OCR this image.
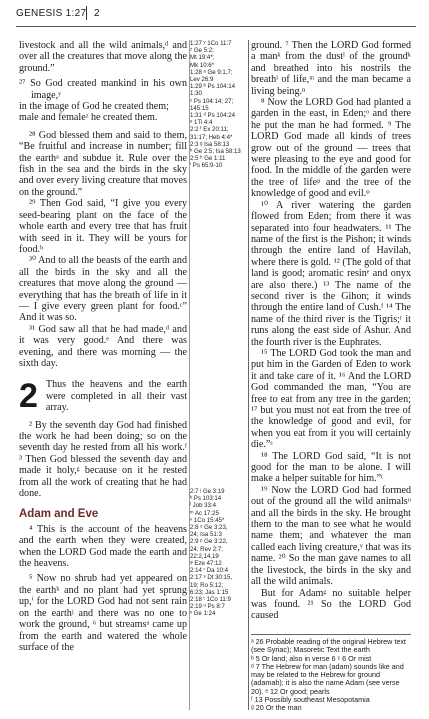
GENESIS 1:27 2

livestock and all the wild animals,ᵈ and over all the creatures that move along the ground.”

²⁷ So God created mankind in his own image,ʸ

in the image of God he created them;

male and femaleᶻ he created them.

²⁸ God blessed them and said to them, “Be fruitful and increase in number; fill the earthᵃ and subdue it. Rule over the fish in the sea and the birds in the sky and over every living creature that moves on the ground.”

²⁹ Then God said, “I give you every seed-bearing plant on the face of the whole earth and every tree that has fruit with seed in it. They will be yours for food.ᵇ

³⁰ And to all the beasts of the earth and all the birds in the sky and all the creatures that move along the ground — everything that has the breath of life in it — I give every green plant for food.ᶜ” And it was so.

³¹ God saw all that he had made,ᵈ and it was very good.ᵉ And there was evening, and there was morning — the sixth day.

2 Thus the heavens and the earth were completed in all their vast array.

² By the seventh day God had finished the work he had been doing; so on the seventh day he rested from all his work.ᶠ ³ Then God blessed the seventh day and made it holy,ᵍ because on it he rested from all the work of creating that he had done.

Adam and Eve

⁴ This is the account of the heavens and the earth when they were created, when the LORD God made the earth and the heavens.

⁵ Now no shrub had yet appeared on the earthʰ and no plant had yet sprung up,ⁱ for the LORD God had not sent rain on the earthʲ and there was no one to work the ground, ⁶ but streamsᵃ came up from the earth and watered the whole surface of the

1:27 ʸ 1Co 11:7
ᶻ Ge 5:2;
Mt 19:4*;
Mk 10:6*
1:28 ᵃ Ge 9:1,7;
Lev 26:9
1:29 ᵇ Ps 104:14
1:30
ᶜ Ps 104:14; 27;
145:15
1:31 ᵈ Ps 104:24
ᵉ 1Ti 4:4
2:2 ᶠ Ex 20:11;
31:17; Heb 4:4*
2:3 ᵍ Isa 58:13
ʰ Ge 2:5; Isa 58:13
2:5 ʰ Ge 1:11
ⁱ Ps 65:9-10
2:7 ʲ Ge 3:19
ᵏ Ps 103:14
ˡ Job 33:4
ᵐ Ac 17:25
ⁿ 1Co 15:45*
2:8 ᵒ Ge 3:23,
24; Isa 51:3
2:9 ᵖ Ge 3:22,
24; Rev 2:7;
22:2,14,19
ᵠ Eze 47:12
2:14 ʳ Da 10:4
2:17 ˢ Dt 30:15,
19; Ro 5:12;
6:23; Jas 1:15
2:18 ᵗ 1Co 11:9
2:19 ᵘ Ps 8:7
ᵛ Ge 1:24

ground. ⁷ Then the LORD God formed a manᵏ from the dustˡ of the groundᵏ and breathed into his nostrils the breathˡ of life,ᵐ and the man became a living being.ⁿ

⁸ Now the LORD God had planted a garden in the east, in Eden;ᵒ and there he put the man he had formed. ⁹ The LORD God made all kinds of trees grow out of the ground — trees that were pleasing to the eye and good for food. In the middle of the garden were the tree of lifeᵖ and the tree of the knowledge of good and evil.ᵠ

¹⁰ A river watering the garden flowed from Eden; from there it was separated into four headwaters. ¹¹ The name of the first is the Pishon; it winds through the entire land of Havilah, where there is gold. ¹² (The gold of that land is good; aromatic resinᵉ and onyx are also there.) ¹³ The name of the second river is the Gihon; it winds through the entire land of Cush.ᶠ ¹⁴ The name of the third river is the Tigris;ʳ it runs along the east side of Ashur. And the fourth river is the Euphrates.

¹⁵ The LORD God took the man and put him in the Garden of Eden to work it and take care of it. ¹⁶ And the LORD God commanded the man, “You are free to eat from any tree in the garden; ¹⁷ but you must not eat from the tree of the knowledge of good and evil, for when you eat from it you will certainly die.”ˢ

¹⁸ The LORD God said, “It is not good for the man to be alone. I will make a helper suitable for him.”ᵗ

¹⁹ Now the LORD God had formed out of the ground all the wild animalsᵘ and all the birds in the sky. He brought them to the man to see what he would name them; and whatever the man called each living creature,ᵛ that was its name. ²⁰ So the man gave names to all the livestock, the birds in the sky and all the wild animals.

But for Adamᵍ no suitable helper was found. ²¹ So the LORD God caused

ᵃ 26 Probable reading of the original Hebrew text (see Syriac); Masoretic Text the earth
ᵇ 5 Or land; also in verse 6 ᶜ 6 Or mist
ᵈ 7 The Hebrew for man (adam) sounds like and may be related to the Hebrew for ground (adamah); it is also the name Adam (see verse 20). ᵉ 12 Or good; pearls
ᶠ 13 Possibly southeast Mesopotamia
ᵍ 20 Or the man
